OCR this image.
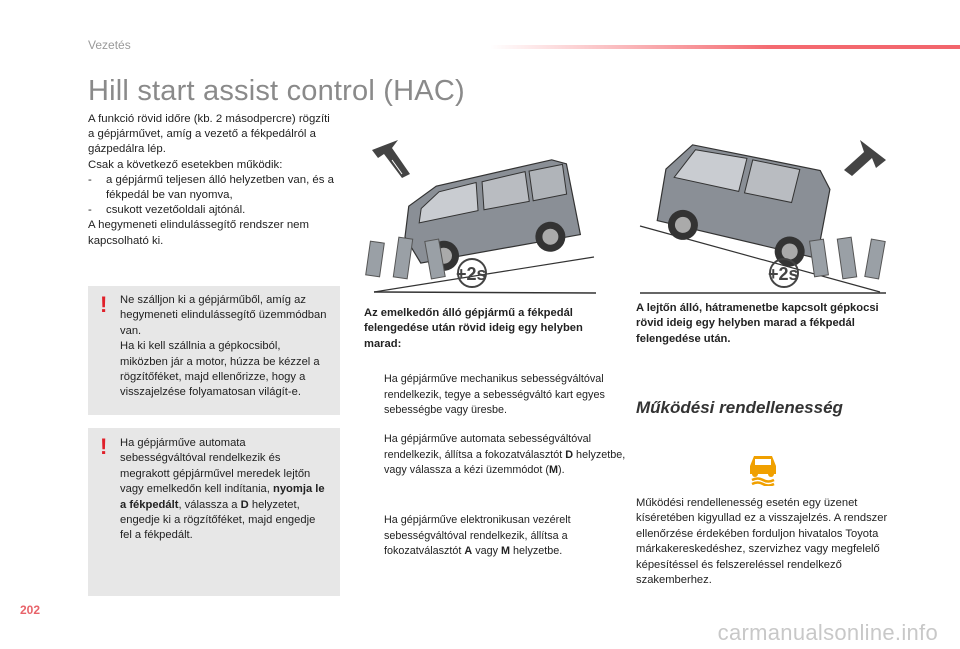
Vezetés
Hill start assist control (HAC)

A funkció rövid időre (kb. 2 másodpercre) rögzíti a gépjárművet, amíg a vezető a fékpedálról a gázpedálra lép.

Csak a következő esetekben működik:

-	a gépjármű teljesen álló helyzetben van, és a fékpedál be van nyomva,
-	csukott vezetőoldali ajtónál.

A hegymeneti elindulássegítő rendszer nem kapcsolható ki.

! Ne szálljon ki a gépjárműből, amíg az hegymeneti elindulássegítő üzemmódban van.

Ha ki kell szállnia a gépkocsiból, miközben jár a motor, húzza be kézzel a rögzítőféket, majd ellenőrizze, hogy a visszajelzése folyamatosan világít-e.

! Ha gépjárműve automata sebességváltóval rendelkezik és megrakott gépjárművel meredek lejtőn vagy emelkedőn kell indítania, nyomja le a fékpedált, válassza a D helyzetet, engedje ki a rögzítőféket, majd engedje fel a fékpedált.
+2s	+2s
Az emelkedőn álló gépjármű a fékpedál felengedése után rövid ideig egy helyben marad:
A lejtőn álló, hátramenetbe kapcsolt gépkocsi rövid ideig egy helyben marad a fékpedál felengedése után.
Ha gépjárműve mechanikus sebességváltóval rendelkezik, tegye a sebességváltó kart egyes sebességbe vagy üresbe.
Ha gépjárműve automata sebességváltóval rendelkezik, állítsa a fokozatválasztót D helyzetbe, vagy válassza a kézi üzemmódot (M).
Ha gépjárműve elektronikusan vezérelt sebességváltóval rendelkezik, állítsa a fokozatválasztót A vagy M helyzetbe.
Működési rendellenesség
Működési rendellenesség esetén egy üzenet kíséretében kigyullad ez a visszajelzés. A rendszer ellenőrzése érdekében forduljon hivatalos Toyota márkakereskedéshez, szervizhez vagy megfelelő képesítéssel és felszereléssel rendelkező szakemberhez.
202
carmanualsonline.info
